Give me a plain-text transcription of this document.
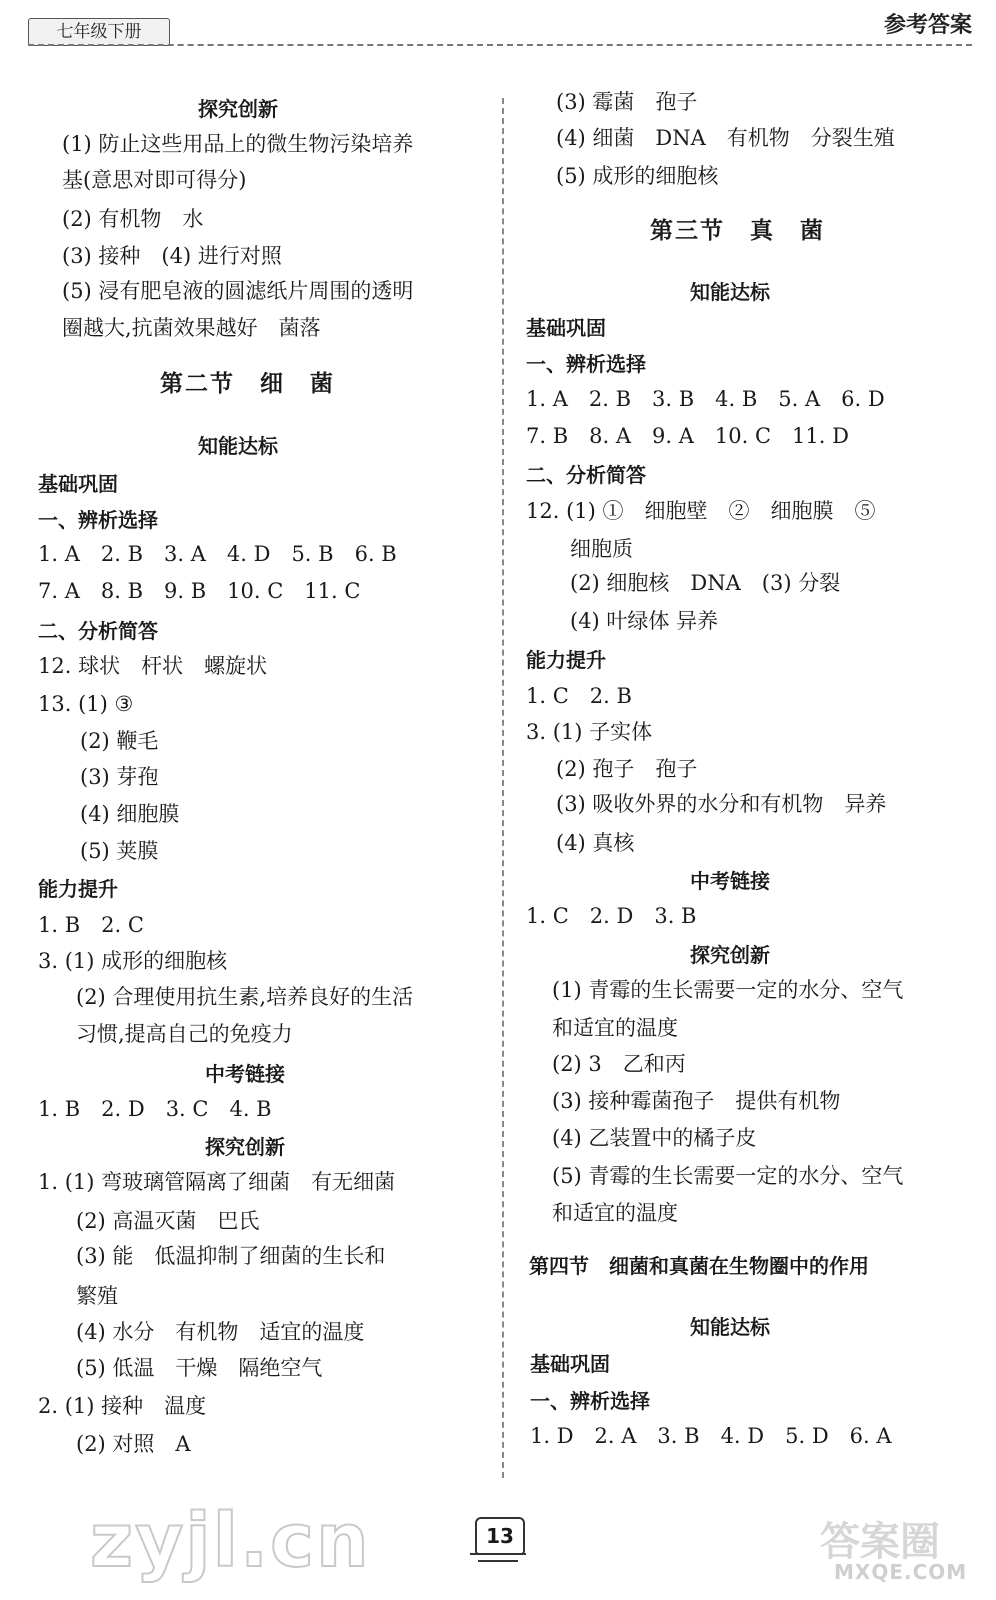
七年级下册	参考答案
探究创新
(1) 防止这些用品上的微生物污染培养
基(意思对即可得分)
(2) 有机物　水
(3) 接种　(4) 进行对照
(5) 浸有肥皂液的圆滤纸片周围的透明
圈越大,抗菌效果越好　菌落
第二节　细　菌
知能达标
基础巩固
一、辨析选择
1. A　2. B　3. A　4. D　5. B　6. B
7. A　8. B　9. B　10. C　11. C
二、分析简答
12. 球状　杆状　螺旋状
13. (1) ③
(2) 鞭毛
(3) 芽孢
(4) 细胞膜
(5) 荚膜
能力提升
1. B　2. C
3. (1) 成形的细胞核
(2) 合理使用抗生素,培养良好的生活
习惯,提高自己的免疫力
中考链接
1. B　2. D　3. C　4. B
探究创新
1. (1) 弯玻璃管隔离了细菌　有无细菌
(2) 高温灭菌　巴氏
(3) 能　低温抑制了细菌的生长和
繁殖
(4) 水分　有机物　适宜的温度
(5) 低温　干燥　隔绝空气
2. (1) 接种　温度
(2) 对照　A
(3) 霉菌　孢子
(4) 细菌　DNA　有机物　分裂生殖
(5) 成形的细胞核
第三节　真　菌
知能达标
基础巩固
一、辨析选择
1. A　2. B　3. B　4. B　5. A　6. D
7. B　8. A　9. A　10. C　11. D
二、分析简答
12. (1) ①　细胞壁　②　细胞膜　⑤
细胞质
(2) 细胞核　DNA　(3) 分裂
(4) 叶绿体 异养
能力提升
1. C　2. B
3. (1) 子实体
(2) 孢子　孢子
(3) 吸收外界的水分和有机物　异养
(4) 真核
中考链接
1. C　2. D　3. B
探究创新
(1) 青霉的生长需要一定的水分、空气
和适宜的温度
(2) 3　乙和丙
(3) 接种霉菌孢子　提供有机物
(4) 乙装置中的橘子皮
(5) 青霉的生长需要一定的水分、空气
和适宜的温度
第四节　细菌和真菌在生物圈中的作用
知能达标
基础巩固
一、辨析选择
1. D　2. A　3. B　4. D　5. D　6. A
zyjl.cn	13	答案圈
MXQE.COM
